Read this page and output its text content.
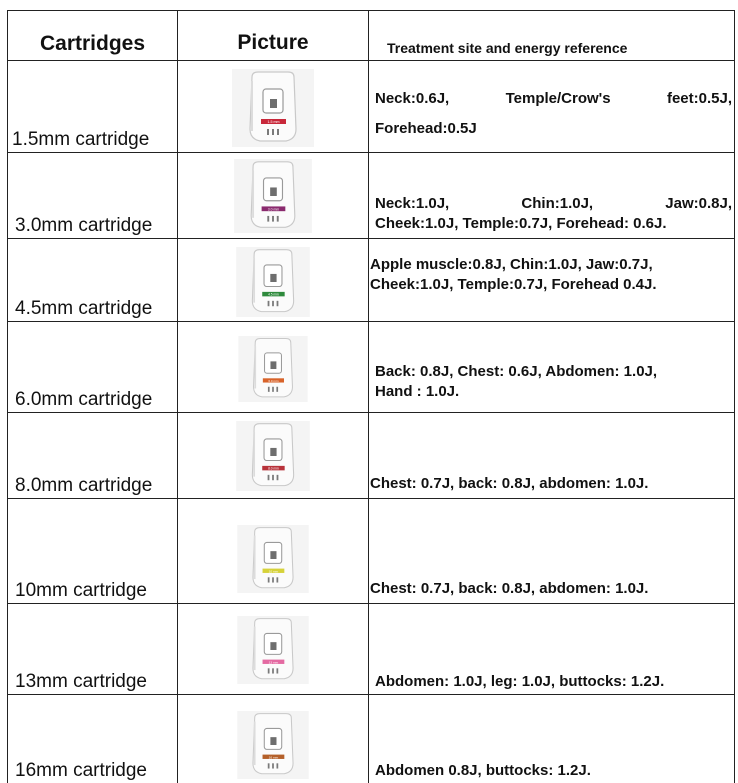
Cartridges	Picture	Treatment site and energy reference
1.5mm cartridge	1.5 mm	Neck:0.6J, Temple/Crow's feet:0.5J,
Forehead:0.5J

3.0mm cartridge	3.0 mm	Neck:1.0J, Chin:1.0J, Jaw:0.8J,
Cheek:1.0J, Temple:0.7J, Forehead: 0.6J.

4.5mm cartridge	4.5 mm	Apple muscle:0.8J, Chin:1.0J, Jaw:0.7J,
Cheek:1.0J, Temple:0.7J, Forehead 0.4J.

6.0mm cartridge	6.0 mm	Back: 0.8J, Chest: 0.6J, Abdomen: 1.0J,
Hand : 1.0J.

8.0mm cartridge	8.0 mm	Chest: 0.7J, back: 0.8J, abdomen: 1.0J.

10mm cartridge	10 mm	Chest: 0.7J, back: 0.8J, abdomen: 1.0J.

13mm cartridge	13 mm	Abdomen: 1.0J, leg: 1.0J, buttocks: 1.2J.

16mm cartridge	16 mm	Abdomen 0.8J, buttocks: 1.2J.
